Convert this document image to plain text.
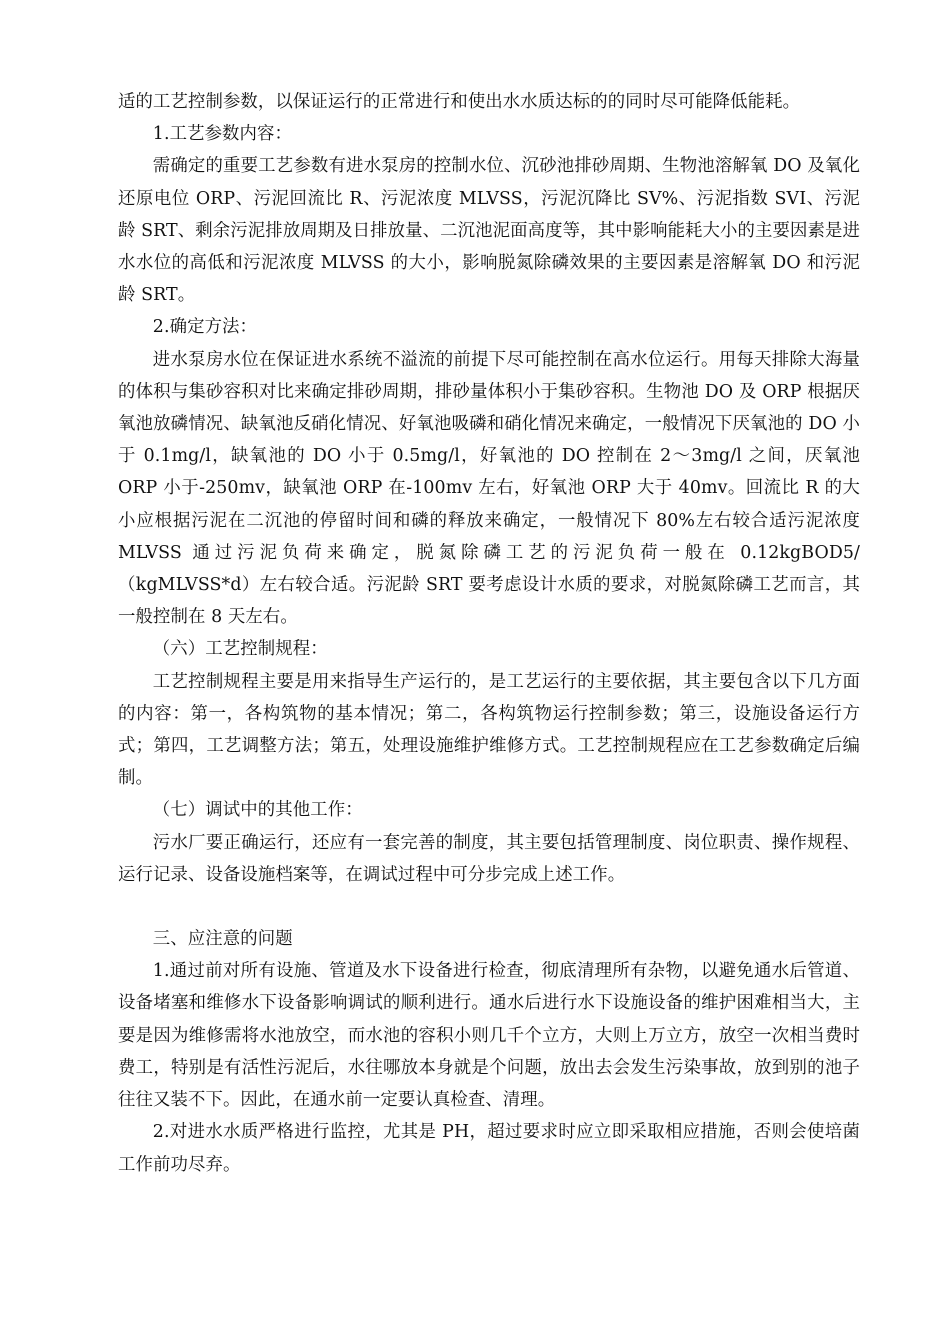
适的工艺控制参数，以保证运行的正常进行和使出水水质达标的的同时尽可能降低能耗。

1.工艺参数内容：

需确定的重要工艺参数有进水泵房的控制水位、沉砂池排砂周期、生物池溶解氧 DO 及氧化还原电位 ORP、污泥回流比 R、污泥浓度 MLVSS，污泥沉降比 SV%、污泥指数 SVI、污泥龄 SRT、剩余污泥排放周期及日排放量、二沉池泥面高度等，其中影响能耗大小的主要因素是进水水位的高低和污泥浓度 MLVSS 的大小，影响脱氮除磷效果的主要因素是溶解氧 DO 和污泥龄 SRT。

2.确定方法：

进水泵房水位在保证进水系统不溢流的前提下尽可能控制在高水位运行。用每天排除大海量的体积与集砂容积对比来确定排砂周期，排砂量体积小于集砂容积。生物池 DO 及 ORP 根据厌氧池放磷情况、缺氧池反硝化情况、好氧池吸磷和硝化情况来确定，一般情况下厌氧池的 DO 小于 0.1mg/l，缺氧池的 DO 小于 0.5mg/l，好氧池的 DO 控制在 2～3mg/l 之间，厌氧池 ORP 小于-250mv，缺氧池 ORP 在-100mv 左右，好氧池 ORP 大于 40mv。回流比 R 的大小应根据污泥在二沉池的停留时间和磷的释放来确定，一般情况下 80%左右较合适污泥浓度 MLVSS 通过污泥负荷来确定，脱氮除磷工艺的污泥负荷一般在 0.12kgBOD5/（kgMLVSS*d）左右较合适。污泥龄 SRT 要考虑设计水质的要求，对脱氮除磷工艺而言，其一般控制在 8 天左右。

（六）工艺控制规程：

工艺控制规程主要是用来指导生产运行的，是工艺运行的主要依据，其主要包含以下几方面的内容：第一，各构筑物的基本情况；第二，各构筑物运行控制参数；第三，设施设备运行方式；第四，工艺调整方法；第五，处理设施维护维修方式。工艺控制规程应在工艺参数确定后编制。

（七）调试中的其他工作：

污水厂要正确运行，还应有一套完善的制度，其主要包括管理制度、岗位职责、操作规程、运行记录、设备设施档案等，在调试过程中可分步完成上述工作。

三、应注意的问题

1.通过前对所有设施、管道及水下设备进行检查，彻底清理所有杂物，以避免通水后管道、设备堵塞和维修水下设备影响调试的顺利进行。通水后进行水下设施设备的维护困难相当大，主要是因为维修需将水池放空，而水池的容积小则几千个立方，大则上万立方，放空一次相当费时费工，特别是有活性污泥后，水往哪放本身就是个问题，放出去会发生污染事故，放到别的池子往往又装不下。因此，在通水前一定要认真检查、清理。

2.对进水水质严格进行监控，尤其是 PH，超过要求时应立即采取相应措施，否则会使培菌工作前功尽弃。
